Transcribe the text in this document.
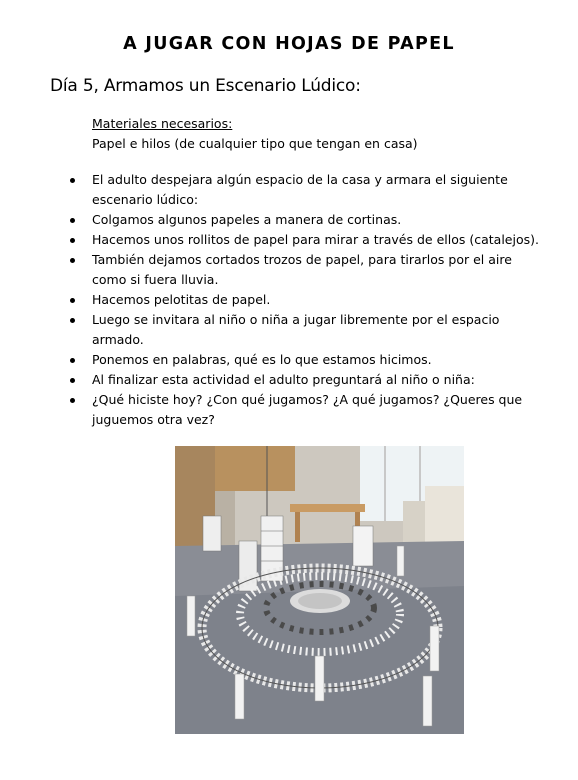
A JUGAR CON HOJAS DE PAPEL
Día 5, Armamos un Escenario Lúdico:
Materiales necesarios:
Papel e hilos (de cualquier tipo que tengan en casa)
El adulto despejara algún espacio de la casa y armara el siguiente escenario lúdico:
Colgamos algunos papeles a manera de cortinas.
Hacemos unos rollitos de papel para mirar a través de ellos (catalejos).
También dejamos cortados trozos de papel, para tirarlos por el aire como si fuera lluvia.
Hacemos pelotitas de papel.
Luego se invitara al niño o niña a jugar libremente por el espacio armado.
Ponemos en palabras, qué es lo que estamos hicimos.
Al finalizar esta actividad el adulto preguntará al niño o niña:
¿Qué hiciste hoy? ¿Con qué jugamos? ¿A qué jugamos? ¿Queres que juguemos otra vez?
